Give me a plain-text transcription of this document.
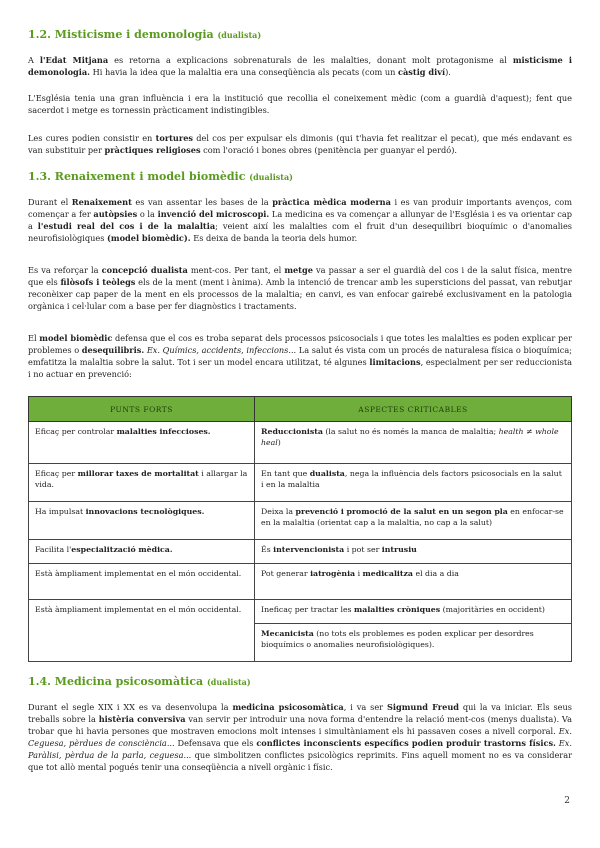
1.2. Misticisme i demonologia (dualista)

A l'Edat Mitjana es retorna a explicacions sobrenaturals de les malalties, donant molt protagonisme al misticisme i demonologia. Hi havia la idea que la malaltia era una conseqüència als pecats (com un càstig diví).

L'Església tenia una gran influència i era la institució que recollia el coneixement mèdic (com a guardià d'aquest); fent que sacerdot i metge es tornessin pràcticament indistingibles.

Les cures podien consistir en tortures del cos per expulsar els dimonis (qui t'havia fet realitzar el pecat), que més endavant es van substituir per pràctiques religioses com l'oració i bones obres (penitència per guanyar el perdó).

1.3. Renaixement i model biomèdic (dualista)

Durant el Renaixement es van assentar les bases de la pràctica mèdica moderna i es van produir importants avenços, com començar a fer autòpsies o la invenció del microscopi. La medicina es va començar a allunyar de l'Església i es va orientar cap a l'estudi real del cos i de la malaltia; veient així les malalties com el fruit d'un desequilibri bioquímic o d'anomalies neurofisiològiques (model biomèdic). Es deixa de banda la teoria dels humor.

Es va reforçar la concepció dualista ment-cos. Per tant, el metge va passar a ser el guardià del cos i de la salut física, mentre que els filòsofs i teòlegs els de la ment (ment i ànima). Amb la intenció de trencar amb les supersticions del passat, van rebutjar reconèixer cap paper de la ment en els processos de la malaltia; en canvi, es van enfocar gairebé exclusivament en la patologia orgànica i cel·lular com a base per fer diagnòstics i tractaments.

El model biomèdic defensa que el cos es troba separat dels processos psicosocials i que totes les malalties es poden explicar per problemes o desequilibris. Ex. Químics, accidents, infeccions... La salut és vista com un procés de naturalesa física o bioquímica; emfatitza la malaltia sobre la salut. Tot i ser un model encara utilitzat, té algunes limitacions, especialment per ser reduccionista i no actuar en prevenció:

PUNTS FORTS	ASPECTES CRITICABLES
Eficaç per controlar malalties infeccioses.	Reduccionista (la salut no és només la manca de malaltia; health ≠ whole heal)
Eficaç per millorar taxes de mortalitat i allargar la vida.	En tant que dualista, nega la influència dels factors psicosocials en la salut i en la malaltia
Ha impulsat innovacions tecnològiques.	Deixa la prevenció i promoció de la salut en un segon pla en enfocar-se en la malaltia (orientat cap a la malaltia, no cap a la salut)
Facilita l'especialització mèdica.	És intervencionista i pot ser intrusiu
Està àmpliament implementat en el món occidental.	Pot generar iatrogènia i medicalitza el dia a dia
Està àmpliament implementat en el món occidental.	Ineficaç per tractar les malalties cròniques (majoritàries en occident)
	Mecanicista (no tots els problemes es poden explicar per desordres bioquímics o anomalies neurofisiològiques).
1.4. Medicina psicosomàtica (dualista)

Durant el segle XIX i XX es va desenvolupa la medicina psicosomàtica, i va ser Sigmund Freud qui la va iniciar. Els seus treballs sobre la histèria conversiva van servir per introduir una nova forma d'entendre la relació ment-cos (menys dualista). Va trobar que hi havia persones que mostraven emocions molt intenses i simultàniament els hi passaven coses a nivell corporal. Ex. Ceguesa, pèrdues de consciència... Defensava que els conflictes inconscients específics podien produir trastorns físics. Ex. Paràlisi, pèrdua de la parla, ceguesa... que simbolitzen conflictes psicològics reprimits. Fins aquell moment no es va considerar que tot allò mental pogués tenir una conseqüència a nivell orgànic i físic.

2
